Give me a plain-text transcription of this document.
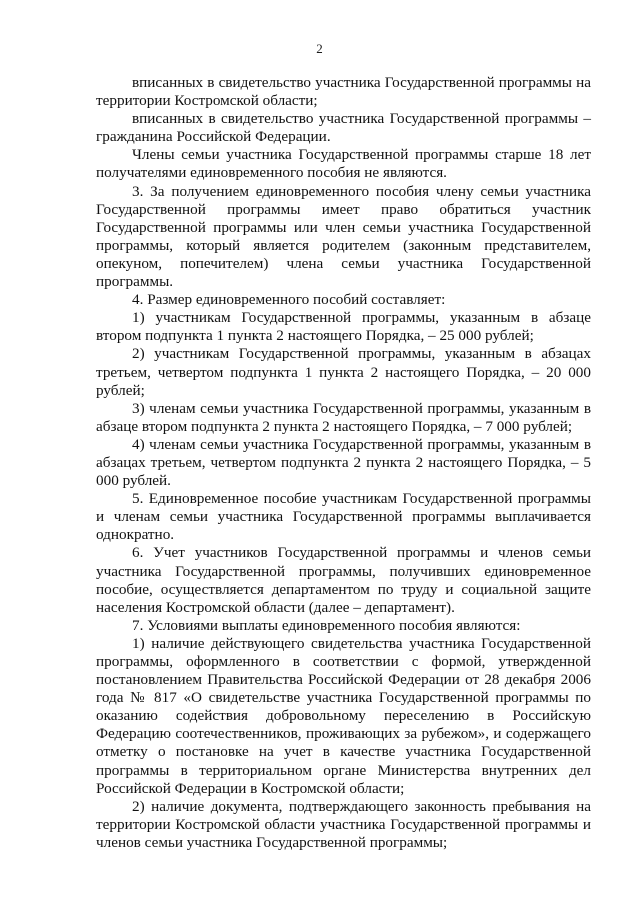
2

вписанных в свидетельство участника Государственной программы на территории Костромской области;

вписанных в свидетельство участника Государственной программы – гражданина Российской Федерации.

Члены семьи участника Государственной программы старше 18 лет получателями единовременного пособия не являются.

3. За получением единовременного пособия члену семьи участника Государственной программы имеет право обратиться участник Государственной программы или член семьи участника Государственной программы, который является родителем (законным представителем, опекуном, попечителем) члена семьи участника Государственной программы.

4. Размер единовременного пособий составляет:

1) участникам Государственной программы, указанным в абзаце втором подпункта 1 пункта 2 настоящего Порядка, – 25 000 рублей;

2) участникам Государственной программы, указанным в абзацах третьем, четвертом подпункта 1 пункта 2 настоящего Порядка, – 20 000 рублей;

3) членам семьи участника Государственной программы, указанным в абзаце втором подпункта 2 пункта 2 настоящего Порядка, – 7 000 рублей;

4) членам семьи участника Государственной программы, указанным в абзацах третьем, четвертом подпункта 2 пункта 2 настоящего Порядка, – 5 000 рублей.

5. Единовременное пособие участникам Государственной программы и членам семьи участника Государственной программы выплачивается однократно.

6. Учет участников Государственной программы и членов семьи участника Государственной программы, получивших единовременное пособие, осуществляется департаментом по труду и социальной защите населения Костромской области (далее – департамент).

7. Условиями выплаты единовременного пособия являются:

1) наличие действующего свидетельства участника Государственной программы, оформленного в соответствии с формой, утвержденной постановлением Правительства Российской Федерации от 28 декабря 2006 года № 817 «О свидетельстве участника Государственной программы по оказанию содействия добровольному переселению в Российскую Федерацию соотечественников, проживающих за рубежом», и содержащего отметку о постановке на учет в качестве участника Государственной программы в территориальном органе Министерства внутренних дел Российской Федерации в Костромской области;

2) наличие документа, подтверждающего законность пребывания на территории Костромской области участника Государственной программы и членов семьи участника Государственной программы;
